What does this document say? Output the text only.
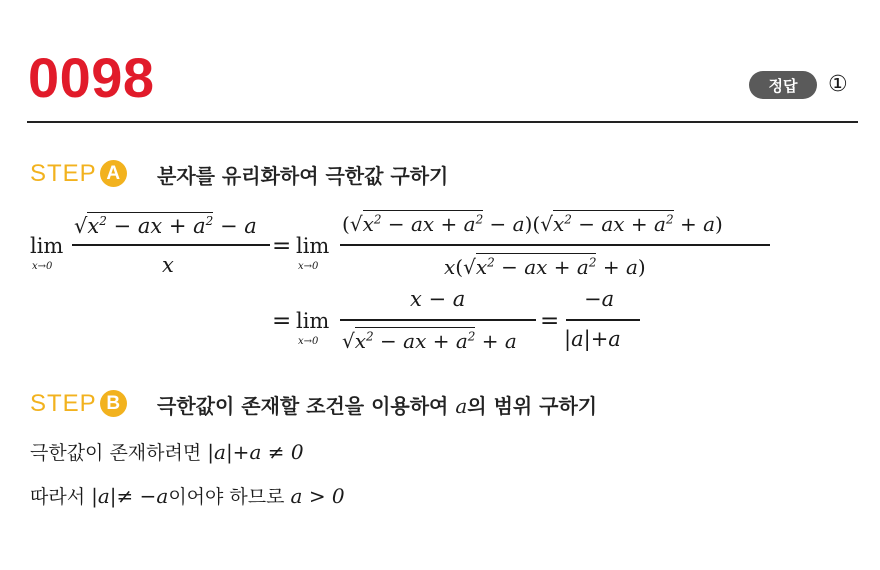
0098	정답	①
STEP A	분자를 유리화하여 극한값 구하기
lim
x→0
$√x^2$ − ax + $a^2 - a$
x
= lim
x→0
($√x^2$ − ax + $a^2 - a)(√x^2$ − ax + $a^2 + a$)
$x(√x^2$ − ax + $a^2 + a$)
= lim
x→0
x − a
$√x^2$ − ax + $a^2 + a$
=
−a
|a|+a
STEP B	극한값이 존재할 조건을 이용하여 a의 범위 구하기
극한값이 존재하려면 |a|+a ≠ 0
따라서 |a|≠ −a이어야 하므로 a > 0
